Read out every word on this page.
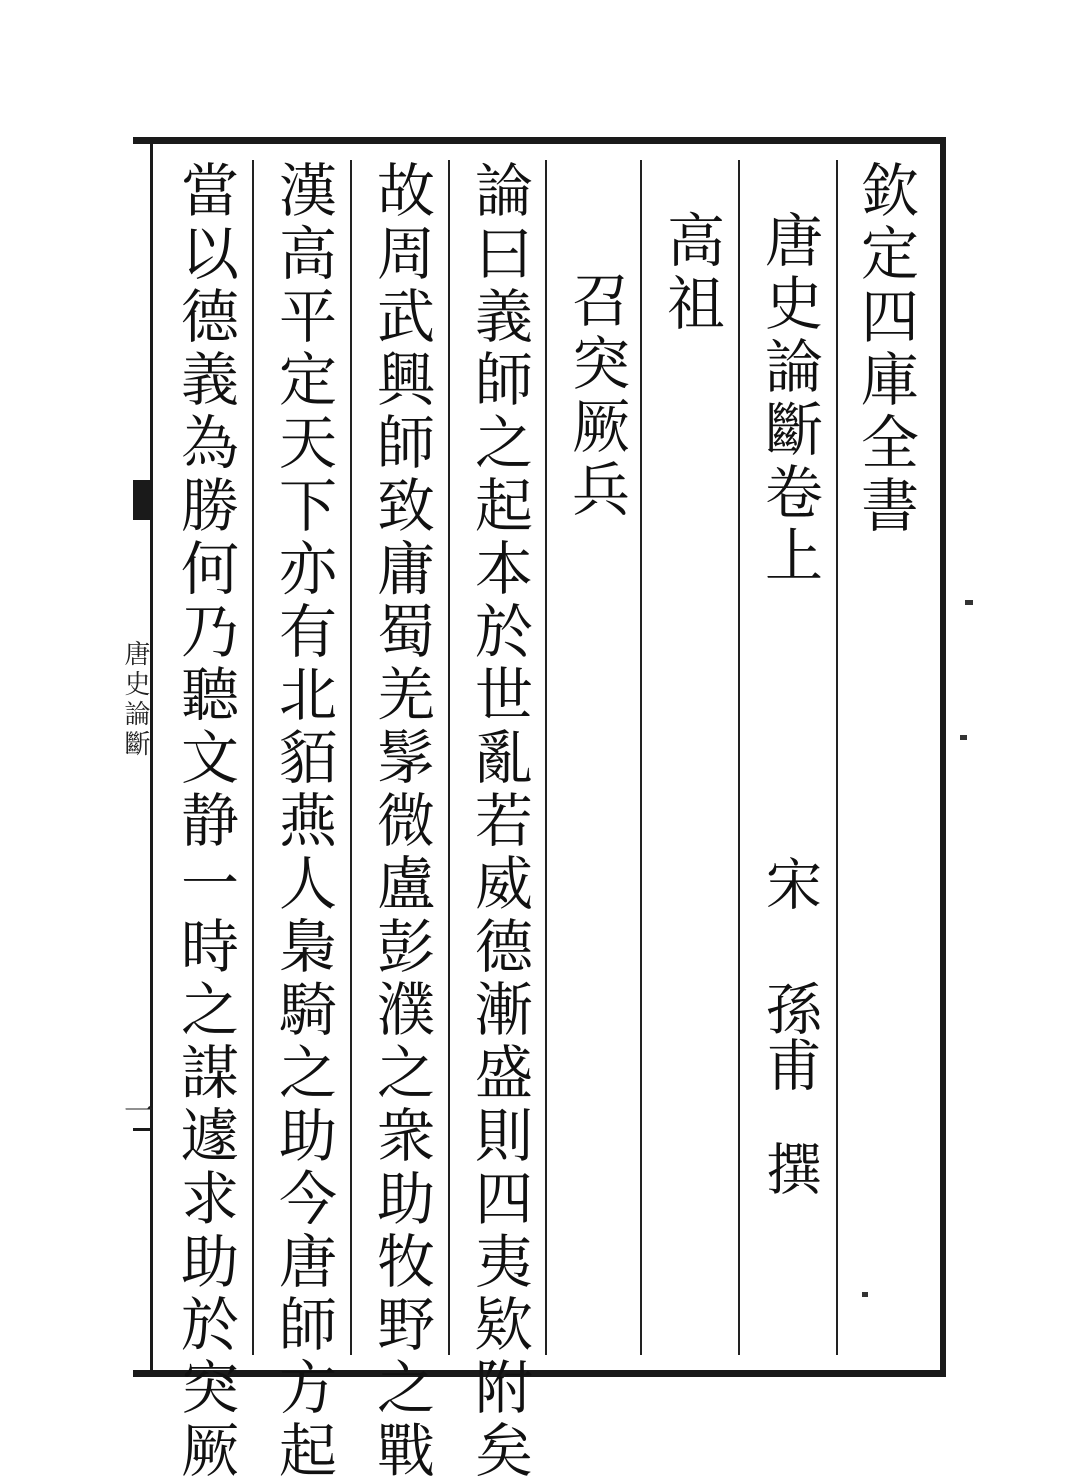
唐史論斷
一
欽定四庫全書
唐史論斷卷上
宋
孫甫
撰
高祖
召突厥兵
論曰義師之起本於世亂若威德漸盛則四夷欵附矣
故周武興師致庸蜀羌髳微盧彭濮之衆助牧野之戰
漢高平定天下亦有北貊燕人梟騎之助今唐師方起
當以德義為勝何乃聽文静一時之謀遽求助於突厥
